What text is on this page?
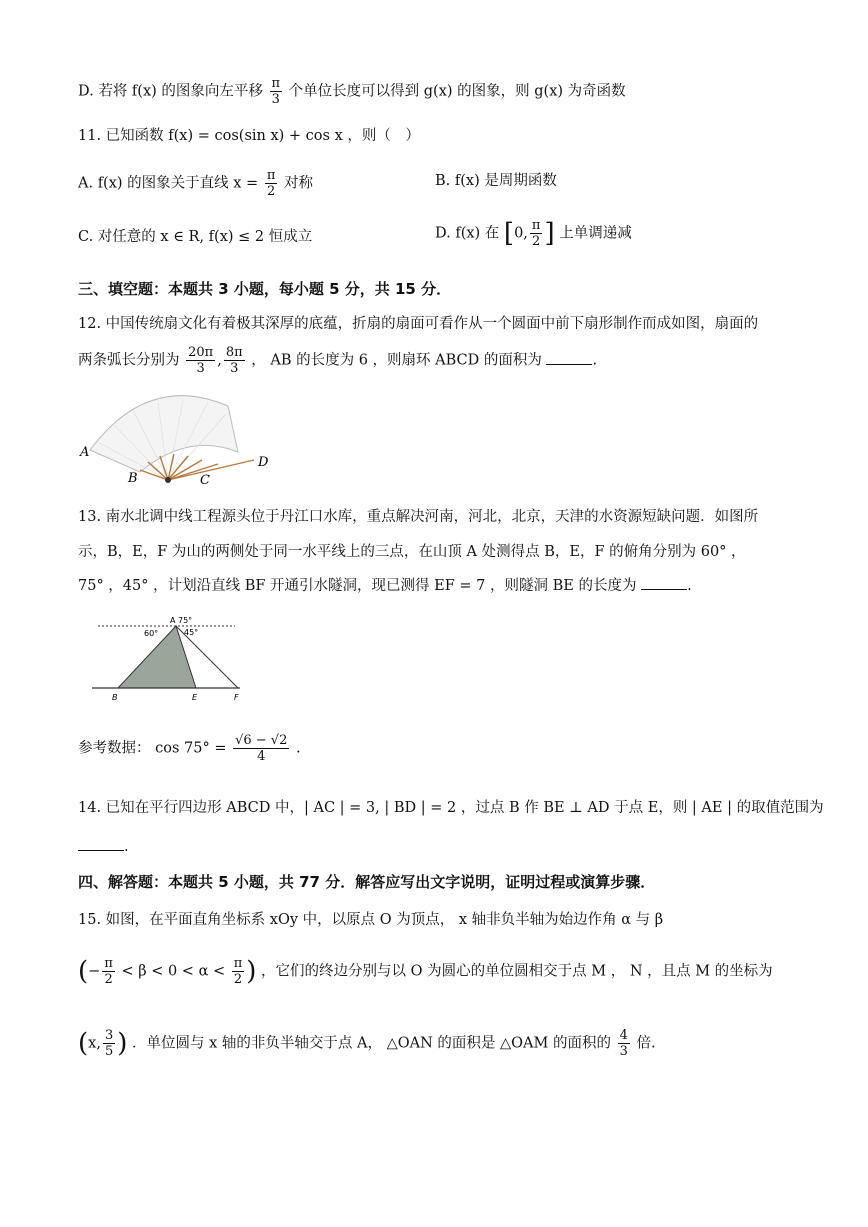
D. 若将 f(x) 的图象向左平移 $\frac{\pi}{3}$ 个单位长度可以得到 g(x) 的图象，则 g(x) 为奇函数
11. 已知函数 f(x) = cos(sin x) + cos x ，则（　）
A. f(x) 的图象关于直线 $x = \frac{\pi}{2}$ 对称	B. f(x) 是周期函数
C. 对任意的 x ∈ R, f(x) ≤ 2 恒成立	D. f(x) 在 [0, $\frac{\pi}{2}$ ] 上单调递减
三、填空题：本题共 3 小题，每小题 5 分，共 15 分．
12. 中国传统扇文化有着极其深厚的底蕴，折扇的扇面可看作从一个圆面中前下扇形制作而成如图，扇面的
两条弧长分别为 $\frac{20\pi}{3}$ , $\frac{8\pi}{3}$ ， AB 的长度为 6 ，则扇环 ABCD 的面积为	.
A
B	C
D
13. 南水北调中线工程源头位于丹江口水库，重点解决河南，河北，北京，天津的水资源短缺问题．如图所
示，B，E，F 为山的两侧处于同一水平线上的三点，在山顶 A 处测得点 B，E，F 的俯角分别为 60° ，
75° ，45° ，计划沿直线 BF 开通引水隧洞，现已测得 EF = 7 ，则隧洞 BE 的长度为	.
A 75°
60°	45°
B	E	F
参考数据： $\cos 75^\circ = \frac{√6 - √2}{4}$ .
14. 已知在平行四边形 ABCD 中，| AC | = 3, | BD | = 2 ，过点 B 作 BE ⊥ AD 于点 E，则 | AE | 的取值范围为
.
四、解答题：本题共 5 小题，共 77 分．解答应写出文字说明，证明过程或演算步骤．
15. 如图，在平面直角坐标系 xOy 中，以原点 O 为顶点， x 轴非负半轴为始边作角 α 与 β
(− $\frac{\pi}{2} < \beta < 0 < \alpha < \frac{\pi}{2}$ ) ，它们的终边分别与以 O 为圆心的单位圆相交于点 M ， N ，且点 M 的坐标为
(x, $\frac{3}{5}$ ) ．单位圆与 x 轴的非负半轴交于点 A， △OAN 的面积是 △OAM 的面积的 $\frac{4}{3}$ 倍.
